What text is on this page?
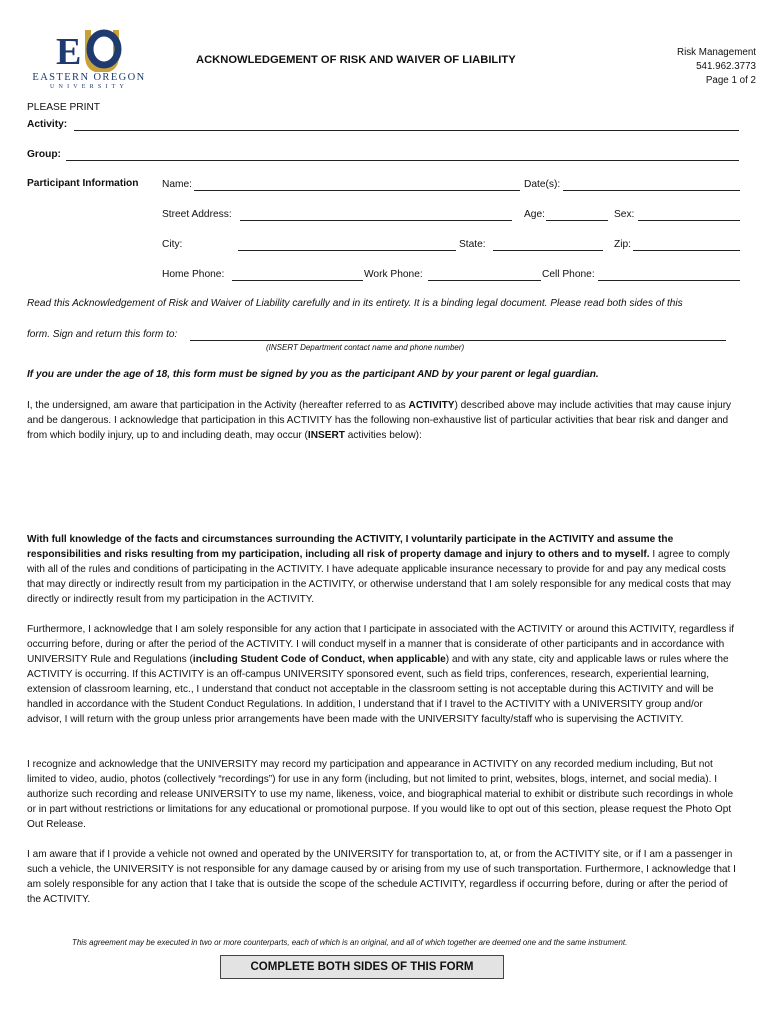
E
EASTERN OREGON
UNIVERSITY
ACKNOWLEDGEMENT OF RISK AND WAIVER OF LIABILITY
Risk Management
541.962.3773
Page 1 of 2
PLEASE PRINT
Activity:
Group:
Participant Information Name:	Date(s):
Street Address:	Age:	Sex:
City:	State:	Zip:
Home Phone:	Work Phone:	Cell Phone:
Read this Acknowledgement of Risk and Waiver of Liability carefully and in its entirety. It is a binding legal document. Please read both sides of this
form. Sign and return this form to:
(INSERT Department contact name and phone number)
If you are under the age of 18, this form must be signed by you as the participant AND by your parent or legal guardian.
I, the undersigned, am aware that participation in the Activity (hereafter referred to as ACTIVITY) described above may include activities that may cause injury and be dangerous. I acknowledge that participation in this ACTIVITY has the following non-exhaustive list of particular activities that bear risk and danger and from which bodily injury, up to and including death, may occur (INSERT activities below):
With full knowledge of the facts and circumstances surrounding the ACTIVITY, I voluntarily participate in the ACTIVITY and assume the responsibilities and risks resulting from my participation, including all risk of property damage and injury to others and to myself. I agree to comply with all of the rules and conditions of participating in the ACTIVITY. I have adequate applicable insurance necessary to provide for and pay any medical costs that may directly or indirectly result from my participation in the ACTIVITY, or otherwise understand that I am solely responsible for any medical costs that may directly or indirectly result from my participation in the ACTIVITY.
Furthermore, I acknowledge that I am solely responsible for any action that I participate in associated with the ACTIVITY or around this ACTIVITY, regardless if occurring before, during or after the period of the ACTIVITY. I will conduct myself in a manner that is considerate of other participants and in accordance with UNIVERSITY Rule and Regulations (including Student Code of Conduct, when applicable) and with any state, city and applicable laws or rules where the ACTIVITY is occurring. If this ACTIVITY is an off-campus UNIVERSITY sponsored event, such as field trips, conferences, research, experiential learning, extension of classroom learning, etc., I understand that conduct not acceptable in the classroom setting is not acceptable during this ACTIVITY and will be handled in accordance with the Student Conduct Regulations. In addition, I understand that if I travel to the ACTIVITY with a UNIVERSITY group and/or advisor, I will return with the group unless prior arrangements have been made with the UNIVERSITY faculty/staff who is supervising the ACTIVITY.
I recognize and acknowledge that the UNIVERSITY may record my participation and appearance in ACTIVITY on any recorded medium including, But not limited to video, audio, photos (collectively “recordings”) for use in any form (including, but not limited to print, websites, blogs, internet, and social media). I authorize such recording and release UNIVERSITY to use my name, likeness, voice, and biographical material to exhibit or distribute such recordings in whole or in part without restrictions or limitations for any educational or promotional purpose. If you would like to opt out of this section, please request the Photo Opt Out Release.
I am aware that if I provide a vehicle not owned and operated by the UNIVERSITY for transportation to, at, or from the ACTIVITY site, or if I am a passenger in such a vehicle, the UNIVERSITY is not responsible for any damage caused by or arising from my use of such transportation. Furthermore, I acknowledge that I am solely responsible for any action that I take that is outside the scope of the schedule ACTIVITY, regardless if occurring before, during or after the period of the ACTIVITY.
This agreement may be executed in two or more counterparts, each of which is an original, and all of which together are deemed one and the same instrument.
COMPLETE BOTH SIDES OF THIS FORM
